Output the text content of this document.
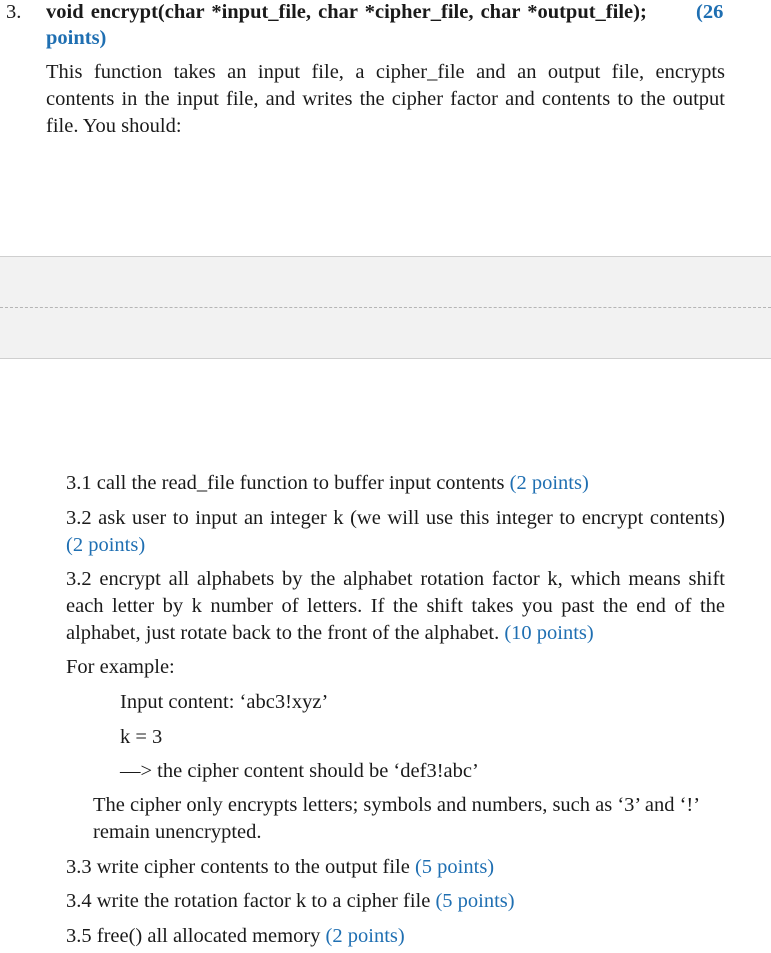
3. void encrypt(char *input_file, char *cipher_file, char *output_file); (26
points)
This function takes an input file, a cipher_file and an output file, encrypts
contents in the input file, and writes the cipher factor and contents to the output
file. You should:
3.1 call the read_file function to buffer input contents (2 points)
3.2 ask user to input an integer k (we will use this integer to encrypt contents)
(2 points)
3.2 encrypt all alphabets by the alphabet rotation factor k, which means shift
each letter by k number of letters. If the shift takes you past the end of the
alphabet, just rotate back to the front of the alphabet. (10 points)
For example:
Input content: ‘abc3!xyz’
k = 3
—> the cipher content should be ‘def3!abc’
The cipher only encrypts letters; symbols and numbers, such as ‘3’ and ‘!’
remain unencrypted.
3.3 write cipher contents to the output file (5 points)
3.4 write the rotation factor k to a cipher file (5 points)
3.5 free() all allocated memory (2 points)
